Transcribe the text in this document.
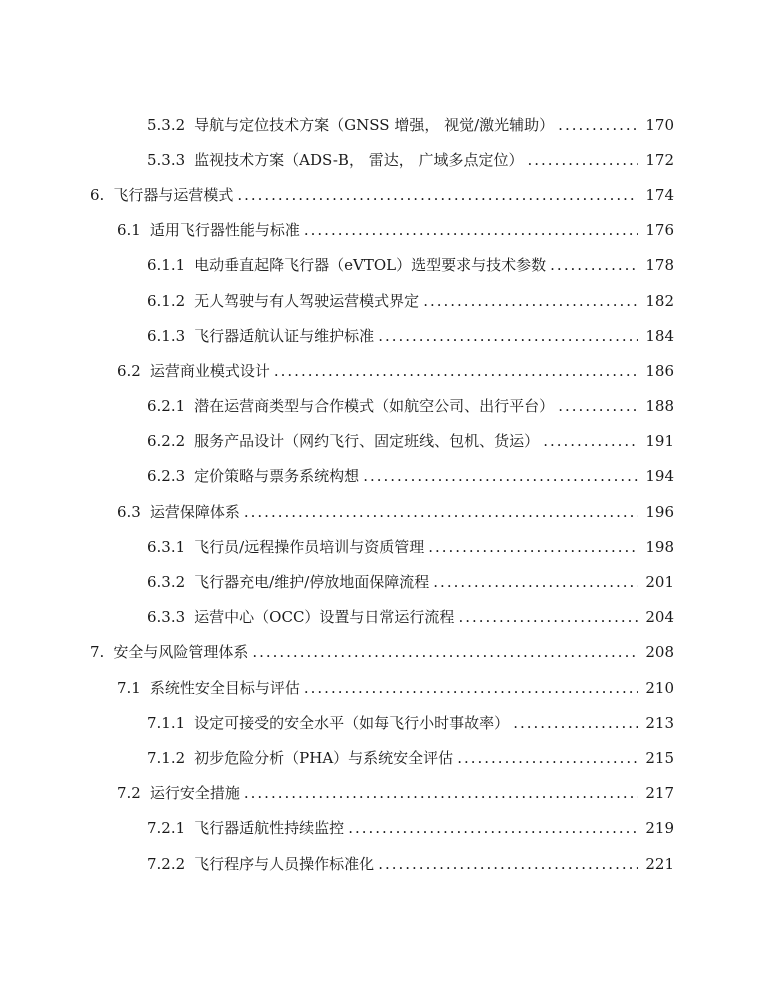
5.3.2 导航与定位技术方案（GNSS 增强， 视觉/激光辅助） .....	170
5.3.3 监视技术方案（ADS-B， 雷达， 广域多点定位） .....	172
6. 飞行器与运营模式 .....	174
6.1 适用飞行器性能与标准 .....	176
6.1.1 电动垂直起降飞行器（eVTOL）选型要求与技术参数 .....	178
6.1.2 无人驾驶与有人驾驶运营模式界定 .....	182
6.1.3 飞行器适航认证与维护标准 .....	184
6.2 运营商业模式设计 .....	186
6.2.1 潜在运营商类型与合作模式（如航空公司、出行平台） .....	188
6.2.2 服务产品设计（网约飞行、固定班线、包机、货运） .....	191
6.2.3 定价策略与票务系统构想 .....	194
6.3 运营保障体系 .....	196
6.3.1 飞行员/远程操作员培训与资质管理 .....	198
6.3.2 飞行器充电/维护/停放地面保障流程 .....	201
6.3.3 运营中心（OCC）设置与日常运行流程 .....	204
7. 安全与风险管理体系 .....	208
7.1 系统性安全目标与评估 .....	210
7.1.1 设定可接受的安全水平（如每飞行小时事故率） .....	213
7.1.2 初步危险分析（PHA）与系统安全评估 .....	215
7.2 运行安全措施 .....	217
7.2.1 飞行器适航性持续监控 .....	219
7.2.2 飞行程序与人员操作标准化 .....	221
